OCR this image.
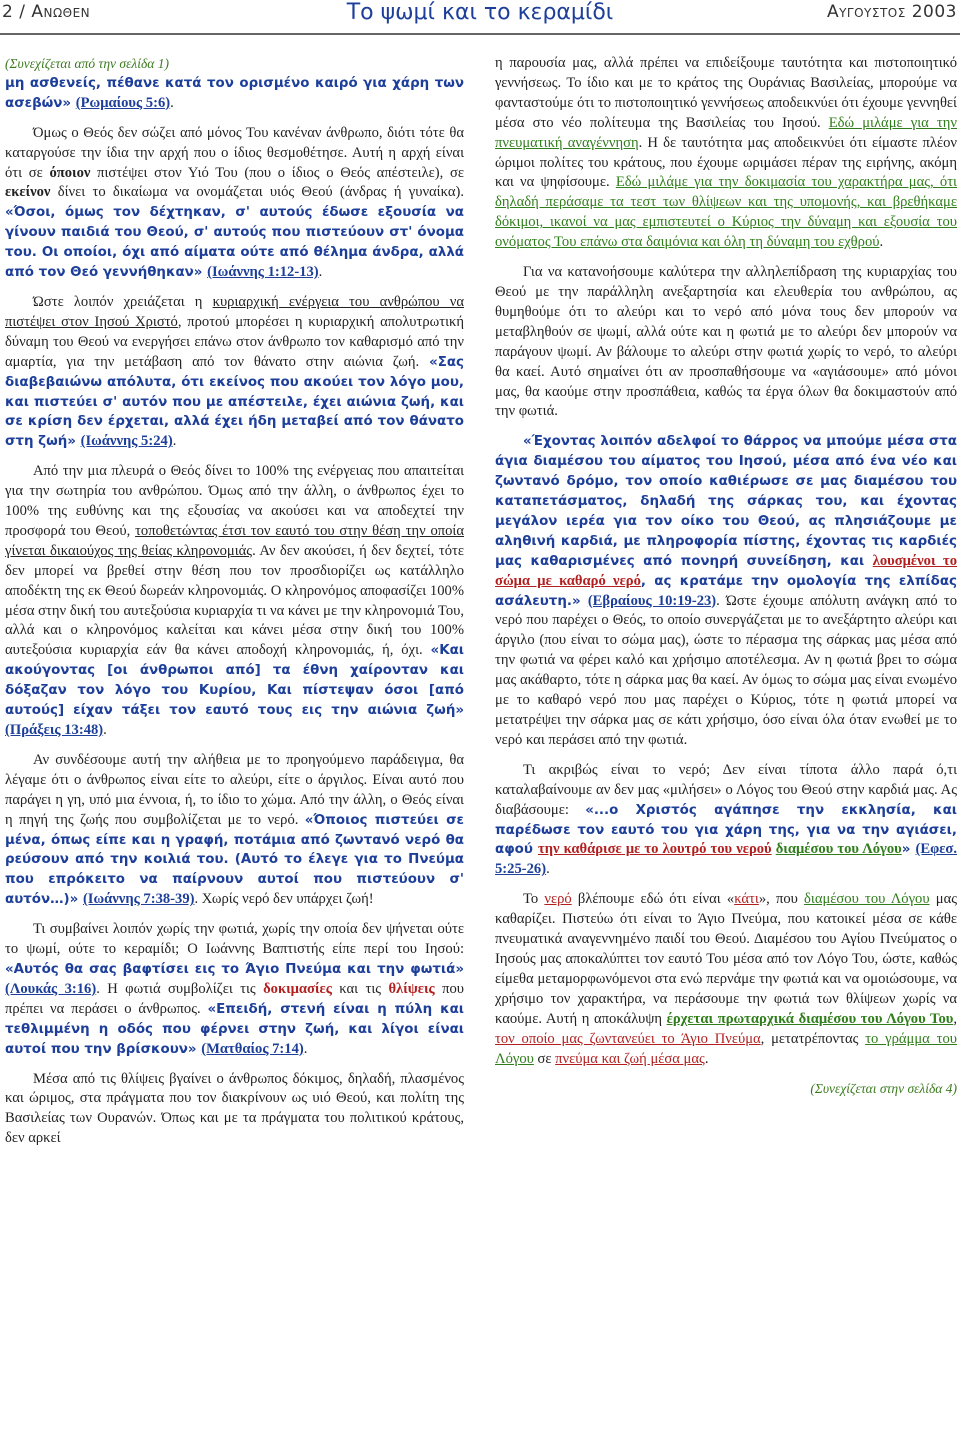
2 / Ανωθεν	Το ψωμί και το κεραμίδι	Αυγουστος 2003

(Συνεχίζεται από την σελίδα 1)
μη ασθενείς, πέθανε κατά τον ορισμένο καιρό για χάρη των ασεβών» (Ρωμαίους 5:6).

Όμως ο Θεός δεν σώζει από μόνος Του κανέναν άνθρωπο, διότι τότε θα καταργούσε την ίδια την αρχή που ο ίδιος θεσμοθέτησε. Αυτή η αρχή είναι ότι σε όποιον πιστέψει στον Υιό Του (που ο ίδιος ο Θεός απέστειλε), σε εκείνον δίνει το δικαίωμα να ονομάζεται υιός Θεού (άνδρας ή γυναίκα). «Όσοι, όμως τον δέχτηκαν, σ' αυτούς έδωσε εξουσία να γίνουν παιδιά του Θεού, σ' αυτούς που πιστεύουν στ' όνομα του. Οι οποίοι, όχι από αίματα ούτε από θέλημα άνδρα, αλλά από τον Θεό γεννήθηκαν» (Ιωάννης 1:12-13).

Ώστε λοιπόν χρειάζεται η κυριαρχική ενέργεια του ανθρώπου να πιστέψει στον Ιησού Χριστό, προτού μπορέσει η κυριαρχική απολυτρωτική δύναμη του Θεού να ενεργήσει επάνω στον άνθρωπο τον καθαρισμό από την αμαρτία, για την μετάβαση από τον θάνατο στην αιώνια ζωή. «Σας διαβεβαιώνω απόλυτα, ότι εκείνος που ακούει τον λόγο μου, και πιστεύει σ' αυτόν που με απέστειλε, έχει αιώνια ζωή, και σε κρίση δεν έρχεται, αλλά έχει ήδη μεταβεί από τον θάνατο στη ζωή» (Ιωάννης 5:24).

Από την μια πλευρά ο Θεός δίνει το 100% της ενέργειας που απαιτείται για την σωτηρία του ανθρώπου. Όμως από την άλλη, ο άνθρωπος έχει το 100% της ευθύνης και της εξουσίας να ακούσει και να αποδεχτεί την προσφορά του Θεού, τοποθετώντας έτσι τον εαυτό του στην θέση την οποία γίνεται δικαιούχος της θείας κληρονομιάς. Αν δεν ακούσει, ή δεν δεχτεί, τότε δεν μπορεί να βρεθεί στην θέση που τον προσδιορίζει ως κατάλληλο αποδέκτη της εκ Θεού δωρεάν κληρονομιάς. Ο κληρονόμος αποφασίζει 100% μέσα στην δική του αυτεξούσια κυριαρχία τι να κάνει με την κληρονομιά Του, αλλά και ο κληρονόμος καλείται και κάνει μέσα στην δική του 100% αυτεξούσια κυριαρχία εάν θα κάνει αποδοχή κληρονομιάς, ή, όχι. «Και ακούγοντας [οι άνθρωποι από] τα έθνη χαίρονταν και δόξαζαν τον λόγο του Κυρίου, Και πίστεψαν όσοι [από αυτούς] είχαν τάξει τον εαυτό τους εις την αιώνια ζωή» (Πράξεις 13:48).

Αν συνδέσουμε αυτή την αλήθεια με το προηγούμενο παράδειγμα, θα λέγαμε ότι ο άνθρωπος είναι είτε το αλεύρι, είτε ο άργιλος. Είναι αυτό που παράγει η γη, υπό μια έννοια, ή, το ίδιο το χώμα. Από την άλλη, ο Θεός είναι η πηγή της ζωής που συμβολίζεται με το νερό. «Όποιος πιστεύει σε μένα, όπως είπε και η γραφή, ποτάμια από ζωντανό νερό θα ρεύσουν από την κοιλιά του. (Αυτό το έλεγε για το Πνεύμα που επρόκειτο να παίρνουν αυτοί που πιστεύουν σ' αυτόν…)» (Ιωάννης 7:38-39). Χωρίς νερό δεν υπάρχει ζωή!

Τι συμβαίνει λοιπόν χωρίς την φωτιά, χωρίς την οποία δεν ψήνεται ούτε το ψωμί, ούτε το κεραμίδι; Ο Ιωάννης Βαπτιστής είπε περί του Ιησού: «Αυτός θα σας βαφτίσει εις το Άγιο Πνεύμα και την φωτιά» (Λουκάς 3:16). Η φωτιά συμβολίζει τις δοκιμασίες και τις θλίψεις που πρέπει να περάσει ο άνθρωπος. «Επειδή, στενή είναι η πύλη και τεθλιμμένη η οδός που φέρνει στην ζωή, και λίγοι είναι αυτοί που την βρίσκουν» (Ματθαίος 7:14).

Μέσα από τις θλίψεις βγαίνει ο άνθρωπος δόκιμος, δηλαδή, πλασμένος και ώριμος, στα πράγματα που τον διακρίνουν ως υιό Θεού, και πολίτη της Βασιλείας των Ουρανών. Όπως και με τα πράγματα του πολιτικού κράτους, δεν αρκεί

η παρουσία μας, αλλά πρέπει να επιδείξουμε ταυτότητα και πιστοποιητικό γεννήσεως. Το ίδιο και με το κράτος της Ουράνιας Βασιλείας, μπορούμε να φανταστούμε ότι το πιστοποιητικό γεννήσεως αποδεικνύει ότι έχουμε γεννηθεί μέσα στο νέο πολίτευμα της Βασιλείας του Ιησού. Εδώ μιλάμε για την πνευματική αναγέννηση. Η δε ταυτότητα μας αποδεικνύει ότι είμαστε πλέον ώριμοι πολίτες του κράτους, που έχουμε ωριμάσει πέραν της ειρήνης, ακόμη και να ψηφίσουμε. Εδώ μιλάμε για την δοκιμασία του χαρακτήρα μας, ότι δηλαδή περάσαμε τα τεστ των θλίψεων και της υπομονής, και βρεθήκαμε δόκιμοι, ικανοί να μας εμπιστευτεί ο Κύριος την δύναμη και εξουσία του ονόματος Του επάνω στα δαιμόνια και όλη τη δύναμη του εχθρού.

Για να κατανοήσουμε καλύτερα την αλληλεπίδραση της κυριαρχίας του Θεού με την παράλληλη ανεξαρτησία και ελευθερία του ανθρώπου, ας θυμηθούμε ότι το αλεύρι και το νερό από μόνα τους δεν μπορούν να μεταβληθούν σε ψωμί, αλλά ούτε και η φωτιά με το αλεύρι δεν μπορούν να παράγουν ψωμί. Αν βάλουμε το αλεύρι στην φωτιά χωρίς το νερό, το αλεύρι θα καεί. Αυτό σημαίνει ότι αν προσπαθήσουμε να «αγιάσουμε» από μόνοι μας, θα καούμε στην προσπάθεια, καθώς τα έργα όλων θα δοκιμαστούν από την φωτιά.

«Έχοντας λοιπόν αδελφοί το θάρρος να μπούμε μέσα στα άγια διαμέσου του αίματος του Ιησού, μέσα από ένα νέο και ζωντανό δρόμο, τον οποίο καθιέρωσε σε μας διαμέσου του καταπετάσματος, δηλαδή της σάρκας του, και έχοντας μεγάλον ιερέα για τον οίκο του Θεού, ας πλησιάζουμε με αληθινή καρδιά, με πληροφορία πίστης, έχοντας τις καρδιές μας καθαρισμένες από πονηρή συνείδηση, και λουσμένοι το σώμα με καθαρό νερό, ας κρατάμε την ομολογία της ελπίδας ασάλευτη.» (Εβραίους 10:19-23). Ώστε έχουμε απόλυτη ανάγκη από το νερό που παρέχει ο Θεός, το οποίο συνεργάζεται με το ανεξάρτητο αλεύρι και άργιλο (που είναι το σώμα μας), ώστε το πέρασμα της σάρκας μας μέσα από την φωτιά να φέρει καλό και χρήσιμο αποτέλεσμα. Αν η φωτιά βρει το σώμα μας ακάθαρτο, τότε η σάρκα μας θα καεί. Αν όμως το σώμα μας είναι ενωμένο με το καθαρό νερό που μας παρέχει ο Κύριος, τότε η φωτιά μπορεί να μετατρέψει την σάρκα μας σε κάτι χρήσιμο, όσο είναι όλα όταν ενωθεί με το νερό και περάσει από την φωτιά.

Τι ακριβώς είναι το νερό; Δεν είναι τίποτα άλλο παρά ό,τι καταλαβαίνουμε αν δεν μας «μιλήσει» ο Λόγος του Θεού στην καρδιά μας. Ας διαβάσουμε: «...ο Χριστός αγάπησε την εκκλησία, και παρέδωσε τον εαυτό του για χάρη της, για να την αγιάσει, αφού την καθάρισε με το λουτρό του νερού διαμέσου του Λόγου» (Εφεσ. 5:25-26).

Το νερό βλέπουμε εδώ ότι είναι «κάτι», που διαμέσου του Λόγου μας καθαρίζει. Πιστεύω ότι είναι το Άγιο Πνεύμα, που κατοικεί μέσα σε κάθε πνευματικά αναγεννημένο παιδί του Θεού. Διαμέσου του Αγίου Πνεύματος ο Ιησούς μας αποκαλύπτει τον εαυτό Του μέσα από τον Λόγο Του, ώστε, καθώς είμεθα μεταμορφωνόμενοι στα ενώ περνάμε την φωτιά και να ομοιώσουμε, να χρήσιμο τον χαρακτήρα, να περάσουμε την φωτιά των θλίψεων χωρίς να καούμε. Αυτή η αποκάλυψη έρχεται πρωταρχικά διαμέσου του Λόγου Του, τον οποίο μας ζωντανεύει το Άγιο Πνεύμα, μετατρέποντας το γράμμα του Λόγου σε πνεύμα και ζωή μέσα μας.

(Συνεχίζεται στην σελίδα 4)
